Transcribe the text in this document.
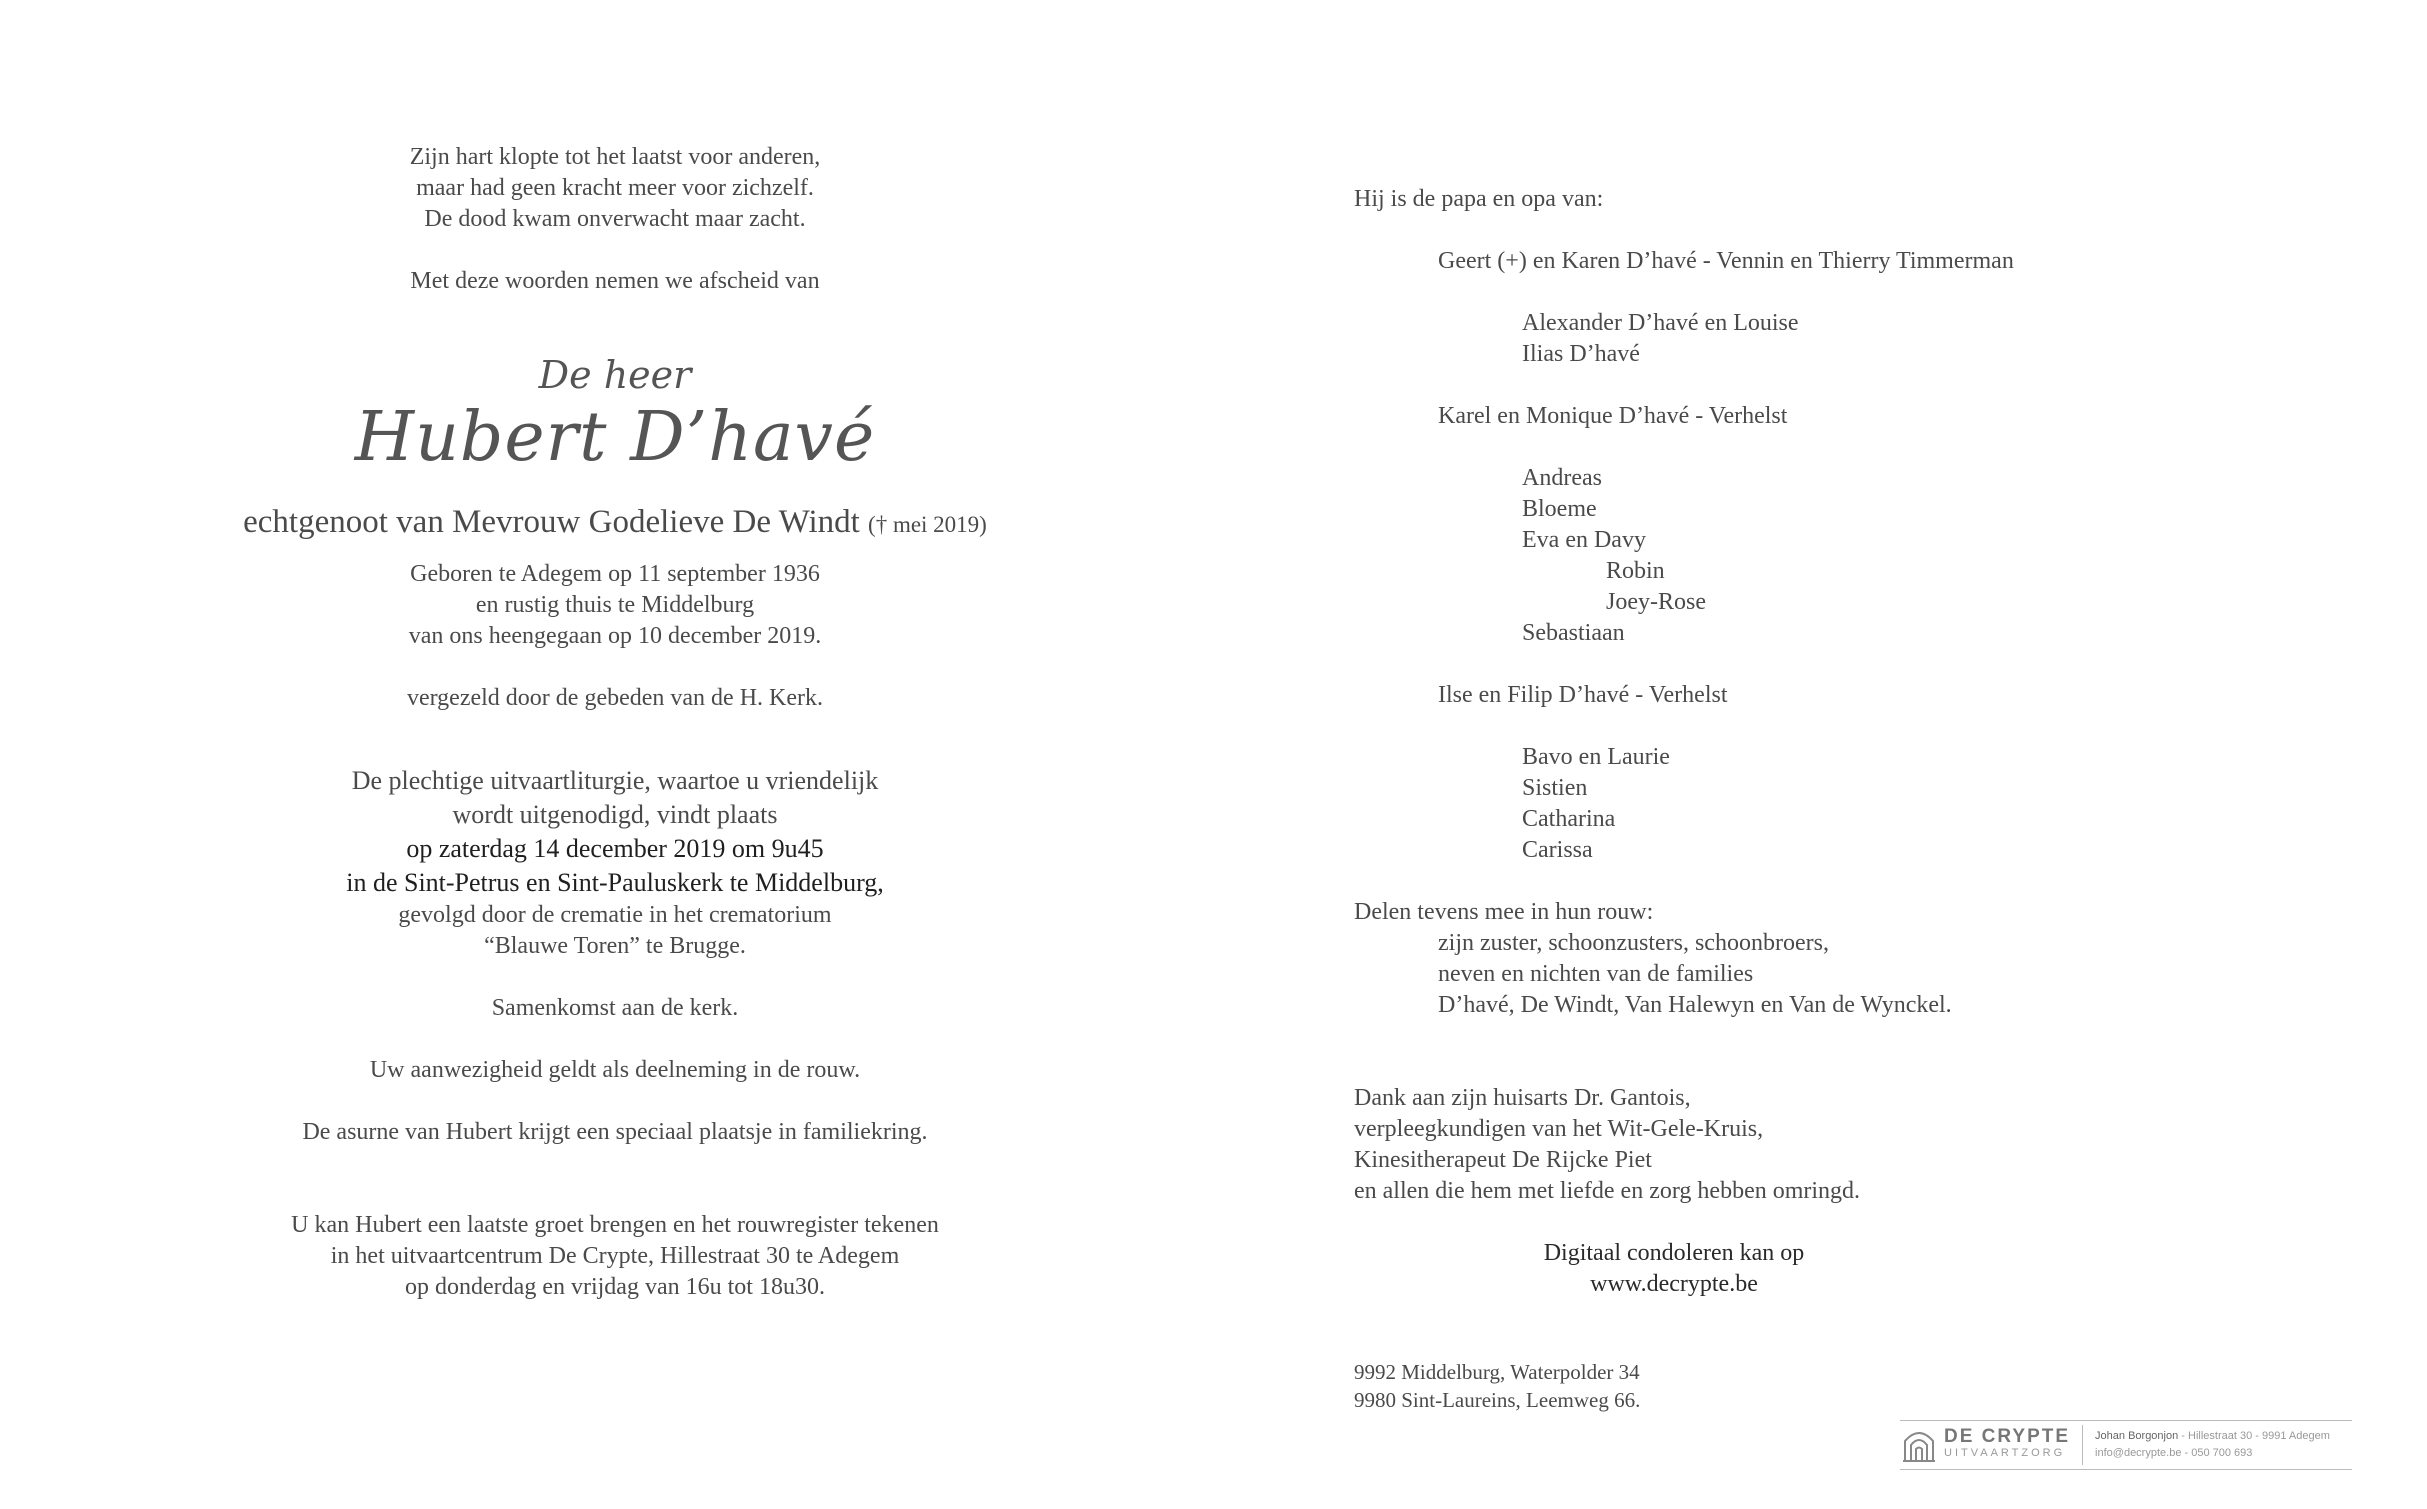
Zijn hart klopte tot het laatst voor anderen,
maar had geen kracht meer voor zichzelf.
De dood kwam onverwacht maar zacht.
Met deze woorden nemen we afscheid van
De heer
Hubert D’havé
echtgenoot van Mevrouw Godelieve De Windt († mei 2019)
Geboren te Adegem op 11 september 1936
en rustig thuis te Middelburg
van ons heengegaan op 10 december 2019.
vergezeld door de gebeden van de H. Kerk.
De plechtige uitvaartliturgie, waartoe u vriendelijk
wordt uitgenodigd, vindt plaats
op zaterdag 14 december 2019 om 9u45
in de Sint-Petrus en Sint-Pauluskerk te Middelburg,
gevolgd door de crematie in het crematorium
“Blauwe Toren” te Brugge.
Samenkomst aan de kerk.
Uw aanwezigheid geldt als deelneming in de rouw.
De asurne van Hubert krijgt een speciaal plaatsje in familiekring.
U kan Hubert een laatste groet brengen en het rouwregister tekenen
in het uitvaartcentrum De Crypte, Hillestraat 30 te Adegem
op donderdag en vrijdag van 16u tot 18u30.
Hij is de papa en opa van:
Geert (+) en Karen D’havé - Vennin en Thierry Timmerman
Alexander D’havé en Louise
Ilias D’havé
Karel en Monique D’havé - Verhelst
Andreas
Bloeme
Eva en Davy
Robin
Joey-Rose
Sebastiaan
Ilse en Filip D’havé - Verhelst
Bavo en Laurie
Sistien
Catharina
Carissa
Delen tevens mee in hun rouw:
zijn zuster, schoonzusters, schoonbroers,
neven en nichten van de families
D’havé, De Windt, Van Halewyn en Van de Wynckel.
Dank aan zijn huisarts Dr. Gantois,
verpleegkundigen van het Wit-Gele-Kruis,
Kinesitherapeut De Rijcke Piet
en allen die hem met liefde en zorg hebben omringd.
Digitaal condoleren kan op
www.decrypte.be
9992 Middelburg, Waterpolder 34
9980 Sint-Laureins, Leemweg 66.
DE CRYPTE
UITVAARTZORG
Johan Borgonjon - Hillestraat 30 - 9991 Adegem
info@decrypte.be - 050 700 693
